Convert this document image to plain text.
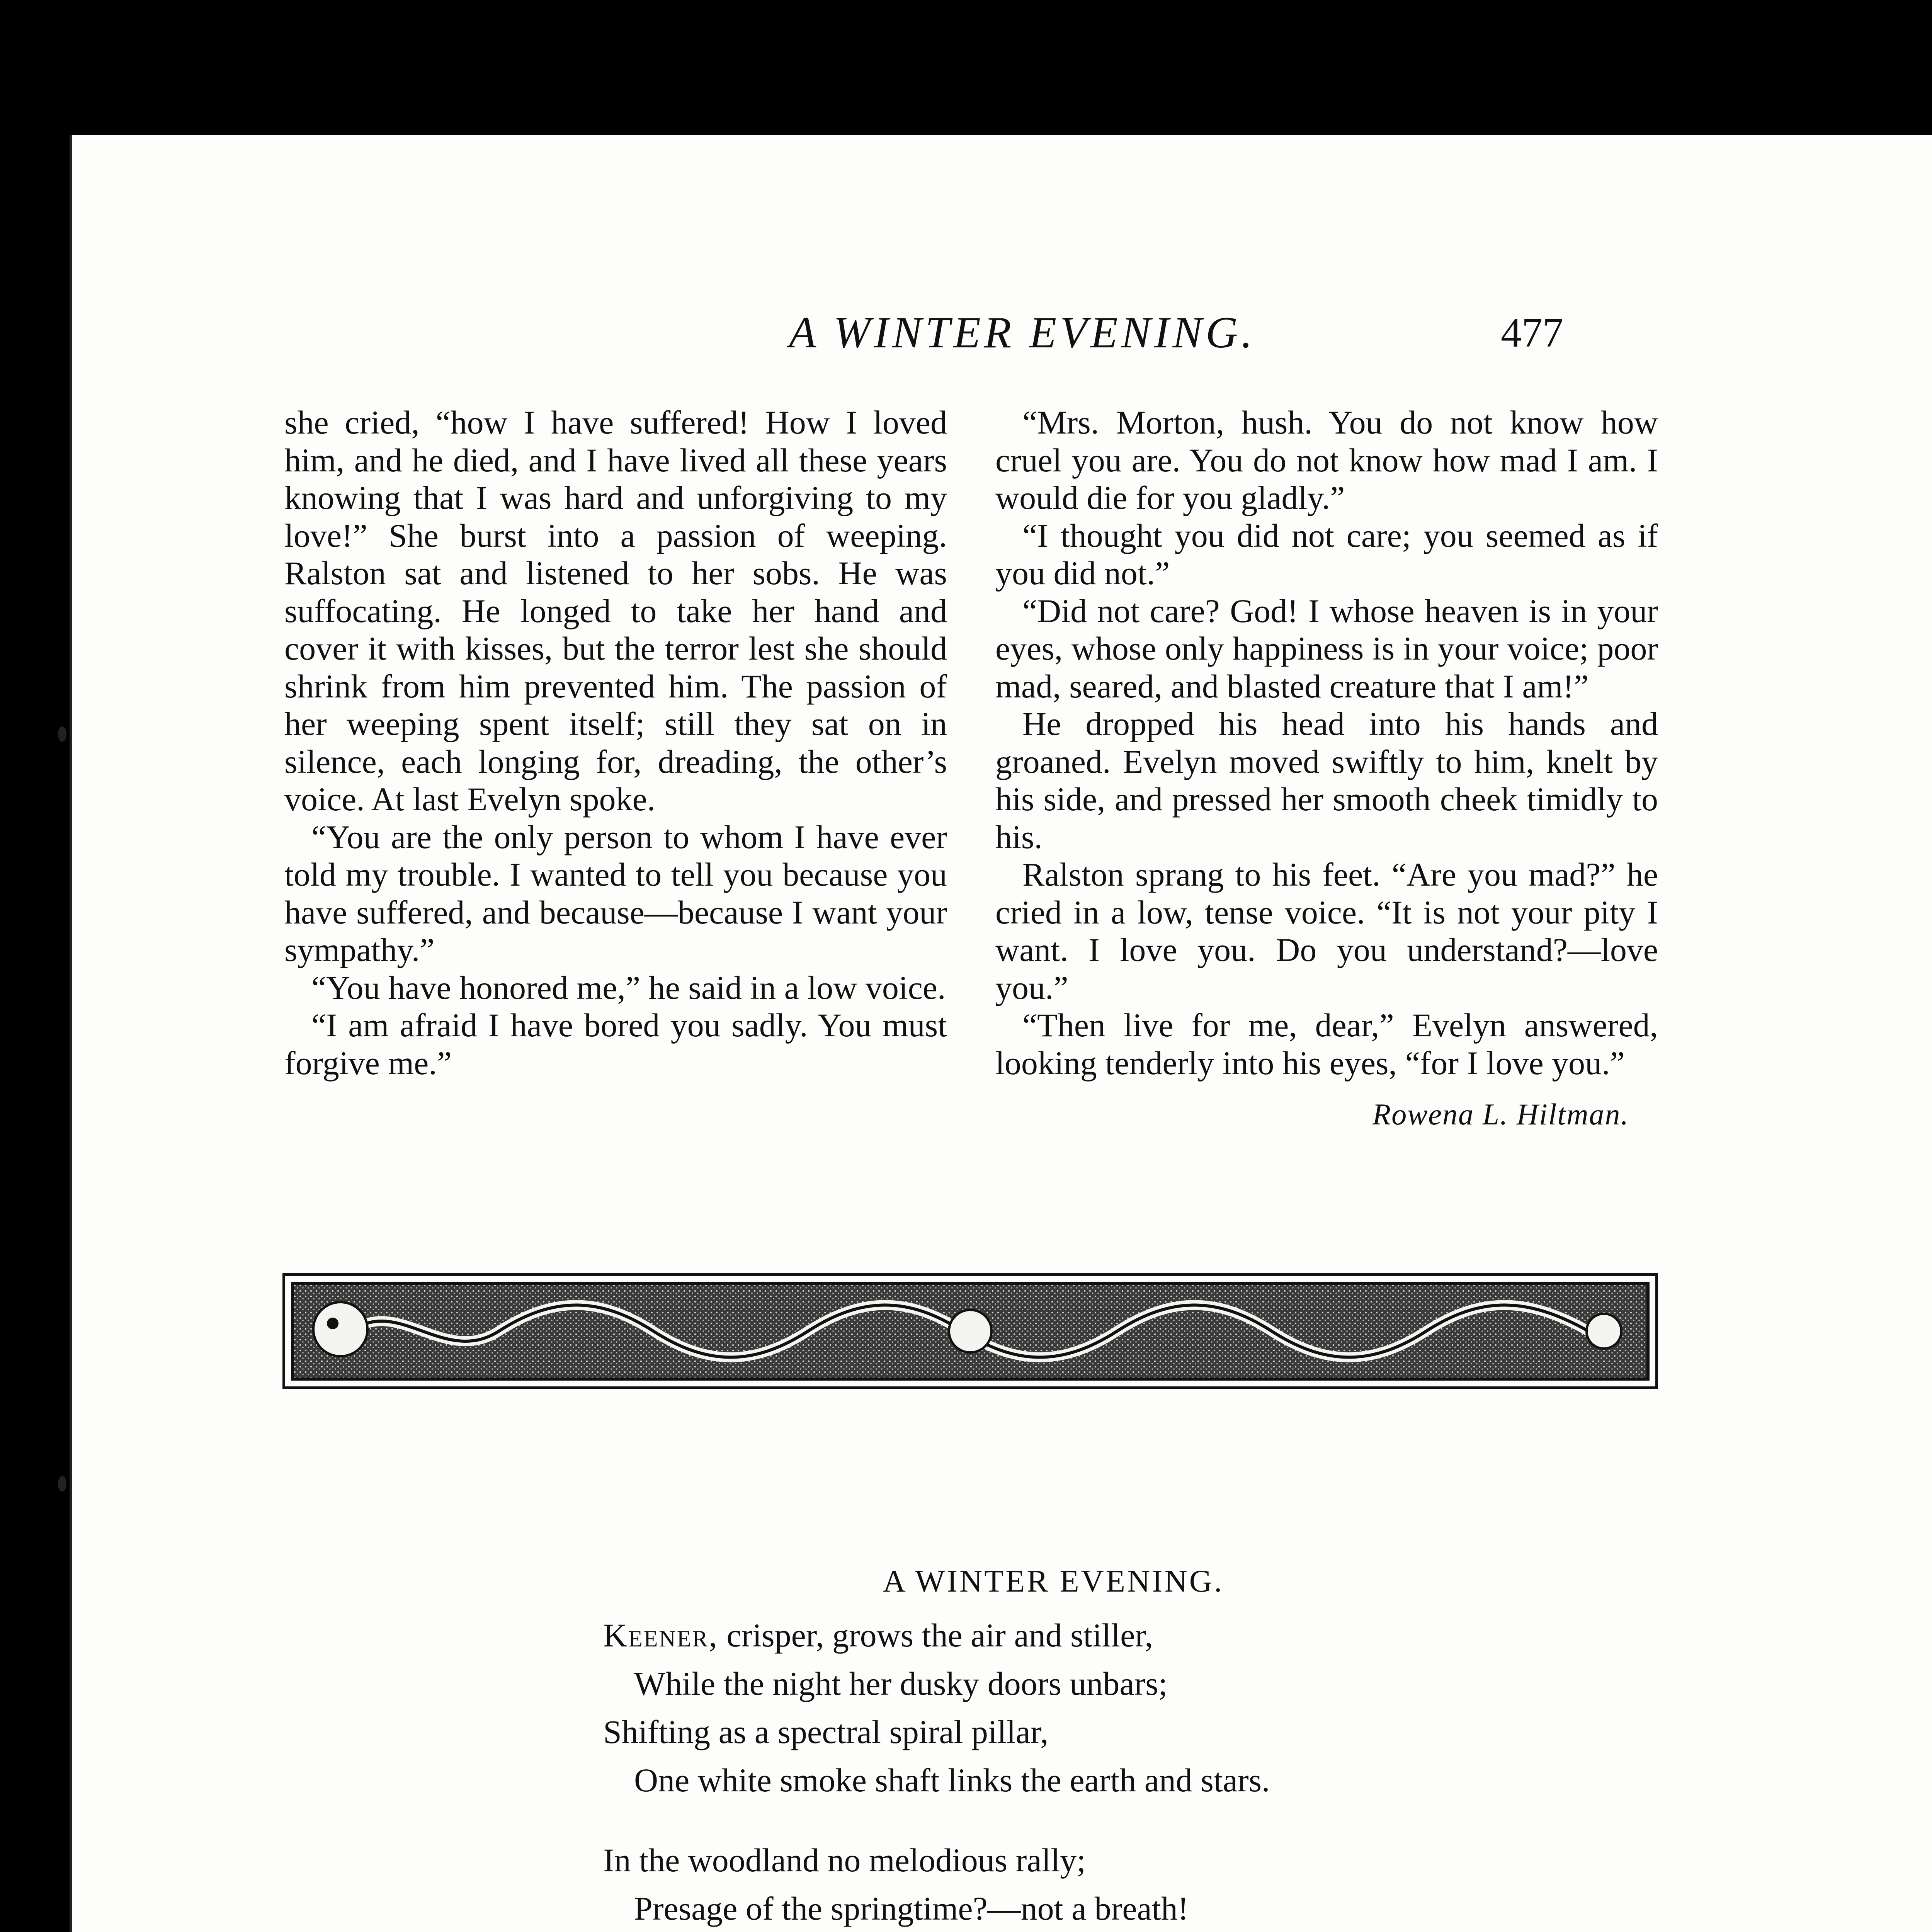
A WINTER EVENING.	477

she cried, “how I have suffered! How I loved him, and he died, and I have lived all these years knowing that I was hard and unforgiving to my love!” She burst into a passion of weeping. Ralston sat and listened to her sobs. He was suffocating. He longed to take her hand and cover it with kisses, but the terror lest she should shrink from him prevented him. The passion of her weeping spent itself; still they sat on in silence, each longing for, dreading, the other’s voice. At last Evelyn spoke.

“You are the only person to whom I have ever told my trouble. I wanted to tell you because you have suffered, and because—because I want your sympathy.”

“You have honored me,” he said in a low voice.

“I am afraid I have bored you sadly. You must forgive me.”

“Mrs. Morton, hush. You do not know how cruel you are. You do not know how mad I am. I would die for you gladly.”

“I thought you did not care; you seemed as if you did not.”

“Did not care? God! I whose heaven is in your eyes, whose only happiness is in your voice; poor mad, seared, and blasted creature that I am!”

He dropped his head into his hands and groaned. Evelyn moved swiftly to him, knelt by his side, and pressed her smooth cheek timidly to his.

Ralston sprang to his feet. “Are you mad?” he cried in a low, tense voice. “It is not your pity I want. I love you. Do you understand?—love you.”

“Then live for me, dear,” Evelyn answered, looking tenderly into his eyes, “for I love you.”

Rowena L. Hiltman.
A WINTER EVENING.
Keener, crisper, grows the air and stiller,
While the night her dusky doors unbars;
Shifting as a spectral spiral pillar,
One white smoke shaft links the earth and stars.
In the woodland no melodious rally;
Presage of the springtime?—not a breath!
